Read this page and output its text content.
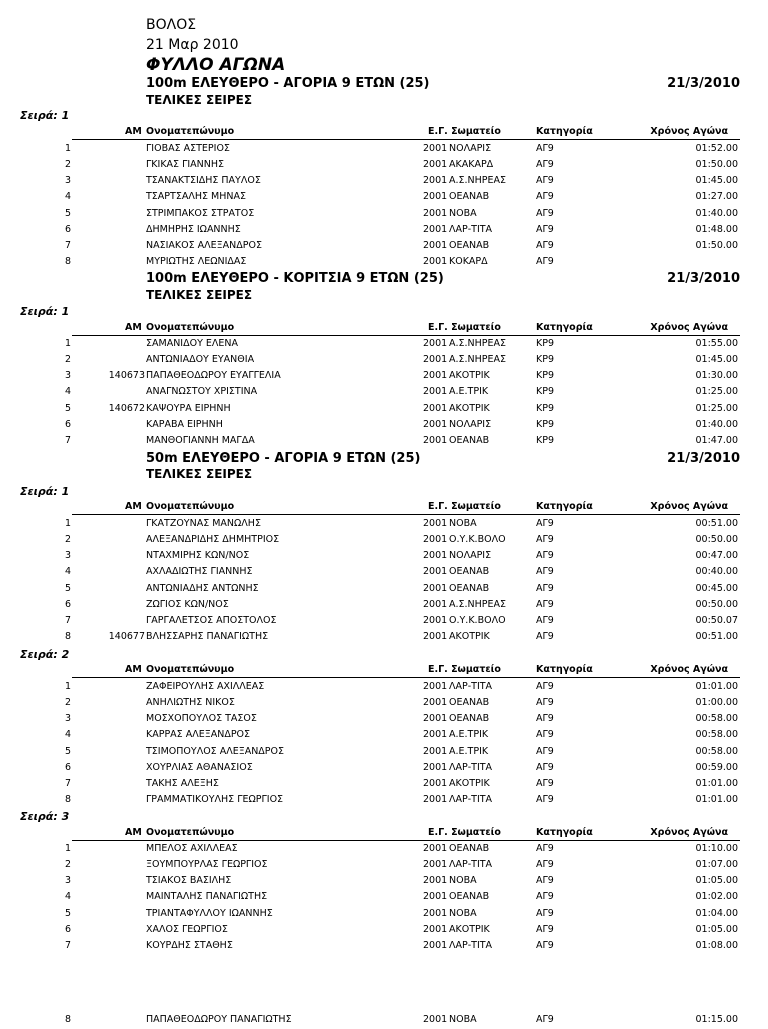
ΒΟΛΟΣ
21 Μαρ 2010
ΦΥΛΛΟ ΑΓΩΝΑ
100m ΕΛΕΥΘΕΡΟ - ΑΓΟΡΙΑ 9 ΕΤΩΝ (25)	21/3/2010
ΤΕΛΙΚΕΣ ΣΕΙΡΕΣ
Σειρά: 1
ΑΜ Ονοματεπώνυμο	Ε.Γ. Σωματείο	Κατηγορία	Χρόνος Αγώνα
1	ΓΙΟΒΑΣ ΑΣΤΕΡΙΟΣ	2001 ΝΟΛΑΡΙΣ	ΑΓ9	01:52.00
2	ΓΚΙΚΑΣ ΓΙΑΝΝΗΣ	2001 ΑΚΑΚΑΡΔ	ΑΓ9	01:50.00
3	ΤΣΑΝΑΚΤΣΙΔΗΣ ΠΑΥΛΟΣ	2001 Α.Σ.ΝΗΡΕΑΣ	ΑΓ9	01:45.00
4	ΤΣΑΡΤΣΑΛΗΣ ΜΗΝΑΣ	2001 ΟΕΑΝΑΒ	ΑΓ9	01:27.00
5	ΣΤΡΙΜΠΑΚΟΣ ΣΤΡΑΤΟΣ	2001 ΝΟΒΑ	ΑΓ9	01:40.00
6	ΔΗΜΗΡΗΣ ΙΩΑΝΝΗΣ	2001 ΛΑΡ-ΤΙΤΑ	ΑΓ9	01:48.00
7	ΝΑΣΙΑΚΟΣ ΑΛΕΞΑΝΔΡΟΣ	2001 ΟΕΑΝΑΒ	ΑΓ9	01:50.00
8	ΜΥΡΙΩΤΗΣ ΛΕΩΝΙΔΑΣ	2001 ΚΟΚΑΡΔ	ΑΓ9
100m ΕΛΕΥΘΕΡΟ - ΚΟΡΙΤΣΙΑ 9 ΕΤΩΝ (25)	21/3/2010
ΤΕΛΙΚΕΣ ΣΕΙΡΕΣ
Σειρά: 1
ΑΜ Ονοματεπώνυμο	Ε.Γ. Σωματείο	Κατηγορία	Χρόνος Αγώνα
1	ΣΑΜΑΝΙΔΟΥ ΕΛΕΝΑ	2001 Α.Σ.ΝΗΡΕΑΣ	ΚΡ9	01:55.00
2	ΑΝΤΩΝΙΑΔΟΥ ΕΥΑΝΘΙΑ	2001 Α.Σ.ΝΗΡΕΑΣ	ΚΡ9	01:45.00
3	140673 ΠΑΠΑΘΕΟΔΩΡΟΥ ΕΥΑΓΓΕΛΙΑ	2001 ΑΚΟΤΡΙΚ	ΚΡ9	01:30.00
4	ΑΝΑΓΝΩΣΤΟΥ ΧΡΙΣΤΙΝΑ	2001 Α.Ε.ΤΡΙΚ	ΚΡ9	01:25.00
5	140672 ΚΑΨΟΥΡΑ ΕΙΡΗΝΗ	2001 ΑΚΟΤΡΙΚ	ΚΡ9	01:25.00
6	ΚΑΡΑΒΑ ΕΙΡΗΝΗ	2001 ΝΟΛΑΡΙΣ	ΚΡ9	01:40.00
7	ΜΑΝΘΟΓΙΑΝΝΗ ΜΑΓΔΑ	2001 ΟΕΑΝΑΒ	ΚΡ9	01:47.00
50m ΕΛΕΥΘΕΡΟ - ΑΓΟΡΙΑ 9 ΕΤΩΝ (25)	21/3/2010
ΤΕΛΙΚΕΣ ΣΕΙΡΕΣ
Σειρά: 1
ΑΜ Ονοματεπώνυμο	Ε.Γ. Σωματείο	Κατηγορία	Χρόνος Αγώνα
1	ΓΚΑΤΖΟΥΝΑΣ ΜΑΝΩΛΗΣ	2001 ΝΟΒΑ	ΑΓ9	00:51.00
2	ΑΛΕΞΑΝΔΡΙΔΗΣ ΔΗΜΗΤΡΙΟΣ	2001 Ο.Υ.Κ.ΒΟΛΟ	ΑΓ9	00:50.00
3	ΝΤΑΧΜΙΡΗΣ ΚΩΝ/ΝΟΣ	2001 ΝΟΛΑΡΙΣ	ΑΓ9	00:47.00
4	ΑΧΛΑΔΙΩΤΗΣ ΓΙΑΝΝΗΣ	2001 ΟΕΑΝΑΒ	ΑΓ9	00:40.00
5	ΑΝΤΩΝΙΑΔΗΣ ΑΝΤΩΝΗΣ	2001 ΟΕΑΝΑΒ	ΑΓ9	00:45.00
6	ΖΩΓΙΟΣ ΚΩΝ/ΝΟΣ	2001 Α.Σ.ΝΗΡΕΑΣ	ΑΓ9	00:50.00
7	ΓΑΡΓΑΛΕΤΣΟΣ ΑΠΟΣΤΟΛΟΣ	2001 Ο.Υ.Κ.ΒΟΛΟ	ΑΓ9	00:50.07
8	140677 ΒΛΗΣΣΑΡΗΣ ΠΑΝΑΓΙΩΤΗΣ	2001 ΑΚΟΤΡΙΚ	ΑΓ9	00:51.00
Σειρά: 2
ΑΜ Ονοματεπώνυμο	Ε.Γ. Σωματείο	Κατηγορία	Χρόνος Αγώνα
1	ΖΑΦΕΙΡΟΥΛΗΣ ΑΧΙΛΛΕΑΣ	2001 ΛΑΡ-ΤΙΤΑ	ΑΓ9	01:01.00
2	ΑΝΗΛΙΩΤΗΣ ΝΙΚΟΣ	2001 ΟΕΑΝΑΒ	ΑΓ9	01:00.00
3	ΜΟΣΧΟΠΟΥΛΟΣ ΤΑΣΟΣ	2001 ΟΕΑΝΑΒ	ΑΓ9	00:58.00
4	ΚΑΡΡΑΣ ΑΛΕΞΑΝΔΡΟΣ	2001 Α.Ε.ΤΡΙΚ	ΑΓ9	00:58.00
5	ΤΣΙΜΟΠΟΥΛΟΣ ΑΛΕΞΑΝΔΡΟΣ	2001 Α.Ε.ΤΡΙΚ	ΑΓ9	00:58.00
6	ΧΟΥΡΛΙΑΣ ΑΘΑΝΑΣΙΟΣ	2001 ΛΑΡ-ΤΙΤΑ	ΑΓ9	00:59.00
7	ΤΑΚΗΣ ΑΛΕΞΗΣ	2001 ΑΚΟΤΡΙΚ	ΑΓ9	01:01.00
8	ΓΡΑΜΜΑΤΙΚΟΥΛΗΣ ΓΕΩΡΓΙΟΣ	2001 ΛΑΡ-ΤΙΤΑ	ΑΓ9	01:01.00
Σειρά: 3
ΑΜ Ονοματεπώνυμο	Ε.Γ. Σωματείο	Κατηγορία	Χρόνος Αγώνα
1	ΜΠΕΛΟΣ ΑΧΙΛΛΕΑΣ	2001 ΟΕΑΝΑΒ	ΑΓ9	01:10.00
2	ΞΟΥΜΠΟΥΡΛΑΣ ΓΕΩΡΓΙΟΣ	2001 ΛΑΡ-ΤΙΤΑ	ΑΓ9	01:07.00
3	ΤΣΙΑΚΟΣ ΒΑΣΙΛΗΣ	2001 ΝΟΒΑ	ΑΓ9	01:05.00
4	ΜΑΙΝΤΑΛΗΣ ΠΑΝΑΓΙΩΤΗΣ	2001 ΟΕΑΝΑΒ	ΑΓ9	01:02.00
5	ΤΡΙΑΝΤΑΦΥΛΛΟΥ ΙΩΑΝΝΗΣ	2001 ΝΟΒΑ	ΑΓ9	01:04.00
6	ΧΑΛΟΣ ΓΕΩΡΓΙΟΣ	2001 ΑΚΟΤΡΙΚ	ΑΓ9	01:05.00
7	ΚΟΥΡΔΗΣ ΣΤΑΘΗΣ	2001 ΛΑΡ-ΤΙΤΑ	ΑΓ9	01:08.00
8	ΠΑΠΑΘΕΟΔΩΡΟΥ ΠΑΝΑΓΙΩΤΗΣ	2001 ΝΟΒΑ	ΑΓ9	01:15.00
